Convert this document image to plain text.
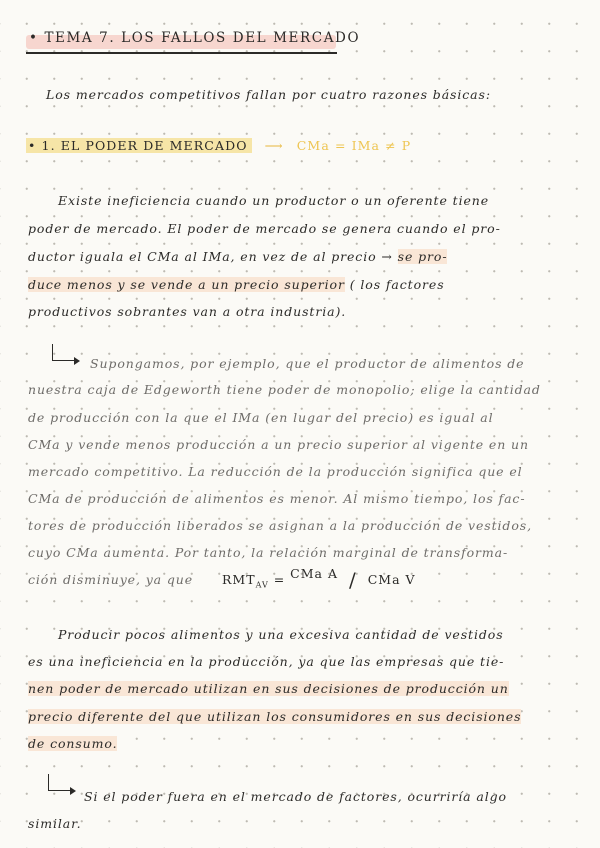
• TEMA 7. LOS FALLOS DEL MERCADO
Los mercados competitivos fallan por cuatro razones básicas:
• 1. EL PODER DE MERCADO ⟶ CMa = IMa ≠ P
Existe ineficiencia cuando un productor o un oferente tiene
poder de mercado. El poder de mercado se genera cuando el pro-
ductor iguala el CMa al IMa, en vez de al precio → se pro-
duce menos y se vende a un precio superior ( los factores
productivos sobrantes van a otra industria).
Supongamos, por ejemplo, que el productor de alimentos de
nuestra caja de Edgeworth tiene poder de monopolio; elige la cantidad
de producción con la que el IMa (en lugar del precio) es igual al
CMa y vende menos producción a un precio superior al vigente en un
mercado competitivo. La reducción de la producción significa que el
CMa de producción de alimentos es menor. Al mismo tiempo, los fac-
tores de producción liberados se asignan a la producción de vestidos,
cuyo CMa aumenta. Por tanto, la relación marginal de transforma-
ción disminuye, ya que $RMT_{AV}$ = CMa A / CMa V
Producir pocos alimentos y una excesiva cantidad de vestidos
es una ineficiencia en la producción, ya que las empresas que tie-
nen poder de mercado utilizan en sus decisiones de producción un
precio diferente del que utilizan los consumidores en sus decisiones
de consumo.
Si el poder fuera en el mercado de factores, ocurriría algo
similar.
